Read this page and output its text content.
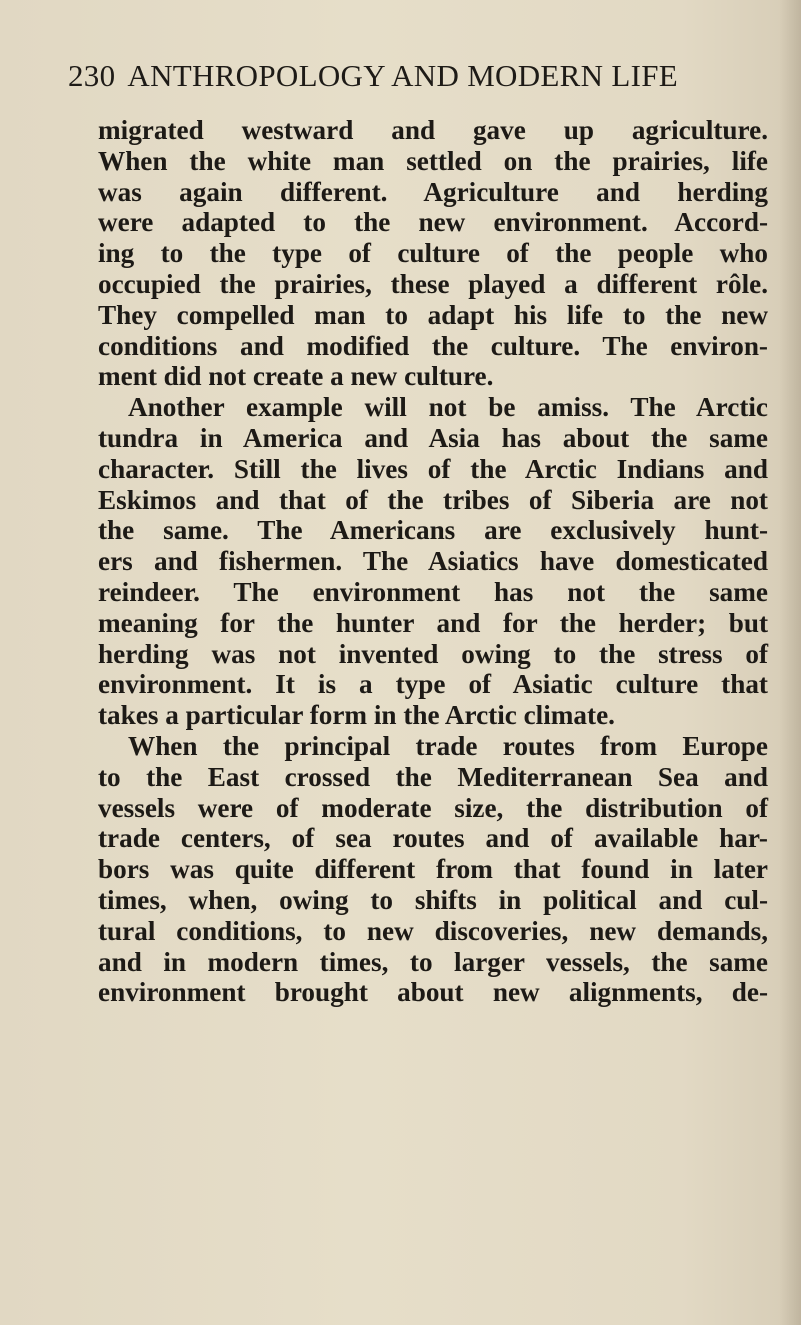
230 ANTHROPOLOGY AND MODERN LIFE
migrated westward and gave up agriculture.
When the white man settled on the prairies, life
was again different. Agriculture and herding
were adapted to the new environment. Accord-
ing to the type of culture of the people who
occupied the prairies, these played a different rôle.
They compelled man to adapt his life to the new
conditions and modified the culture. The environ-
ment did not create a new culture.
Another example will not be amiss. The Arctic
tundra in America and Asia has about the same
character. Still the lives of the Arctic Indians and
Eskimos and that of the tribes of Siberia are not
the same. The Americans are exclusively hunt-
ers and fishermen. The Asiatics have domesticated
reindeer. The environment has not the same
meaning for the hunter and for the herder; but
herding was not invented owing to the stress of
environment. It is a type of Asiatic culture that
takes a particular form in the Arctic climate.
When the principal trade routes from Europe
to the East crossed the Mediterranean Sea and
vessels were of moderate size, the distribution of
trade centers, of sea routes and of available har-
bors was quite different from that found in later
times, when, owing to shifts in political and cul-
tural conditions, to new discoveries, new demands,
and in modern times, to larger vessels, the same
environment brought about new alignments, de-
